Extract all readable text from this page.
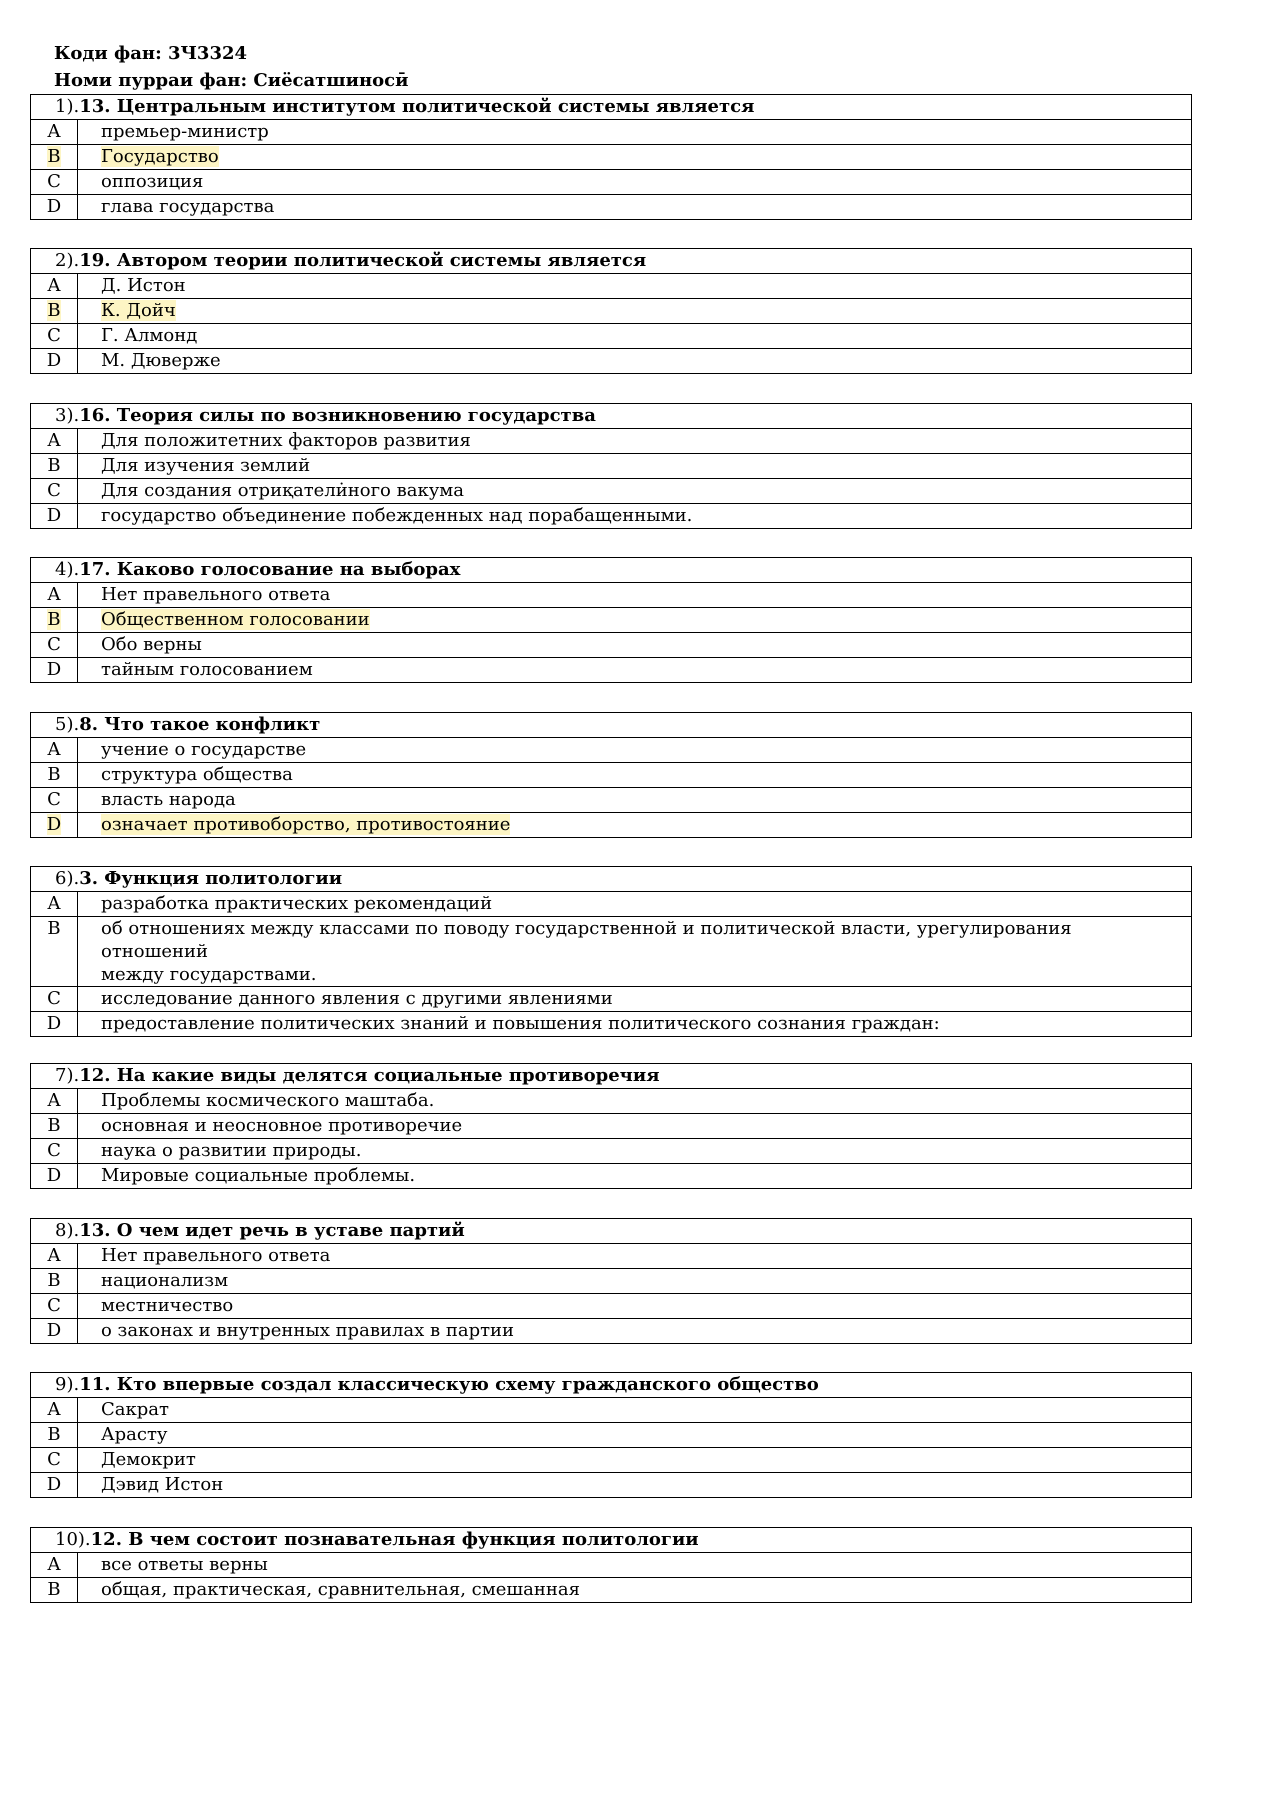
Коди фан: 3Ч3324
Номи пурраи фан: Сиёсатшиносӣ
1).13. Центральным институтом политической системы является	
A	премьер-министр
B	Государство
C	оппозиция
D	глава государства
2).19. Автором теории политической системы является	
A	Д. Истон
B	К. Дойч
C	Г. Алмонд
D	М. Дюверже
3).16. Теория силы по возникновению государства	
A	Для положитетних факторов развития
B	Для изучения землий
C	Для создания отриқатели̇ного вакума
D	государство объединение побежденных над порабащенными.
4).17. Каково голосование на выборах	
A	Нет правельного ответа
B	Общественном голосовании
C	Обо верны
D	тайным голосованием
5).8. Что такое конфликт	
A	учение о государстве
B	структура общества
C	власть народа
D	означает противоборство, противостояние
6).3. Функция политологии	
A	разработка практических рекомендаций
B	об отношениях между классами по поводу государственной и политической власти, урегулирования отношений
между государствами.
C	исследование данного явления с другими явлениями
D	предоставление политических знаний и повышения политического сознания граждан:
7).12. На какие виды делятся социальные противоречия	
A	Проблемы космического маштаба.
B	основная и неосновное противоречие
C	наука о развитии природы.
D	Мировые социальные проблемы.
8).13. О чем идет речь в уставе партий	
A	Нет правельного ответа
B	национализм
C	местничество
D	о законах и внутренных правилах в партии
9).11. Кто впервые создал классическую схему гражданского общество	
A	Сакрат
B	Арасту
C	Демокрит
D	Дэвид Истон
10).12. В чем состоит познавательная функция политологии	
A	все ответы верны
B	общая, практическая, сравнительная, смешанная
